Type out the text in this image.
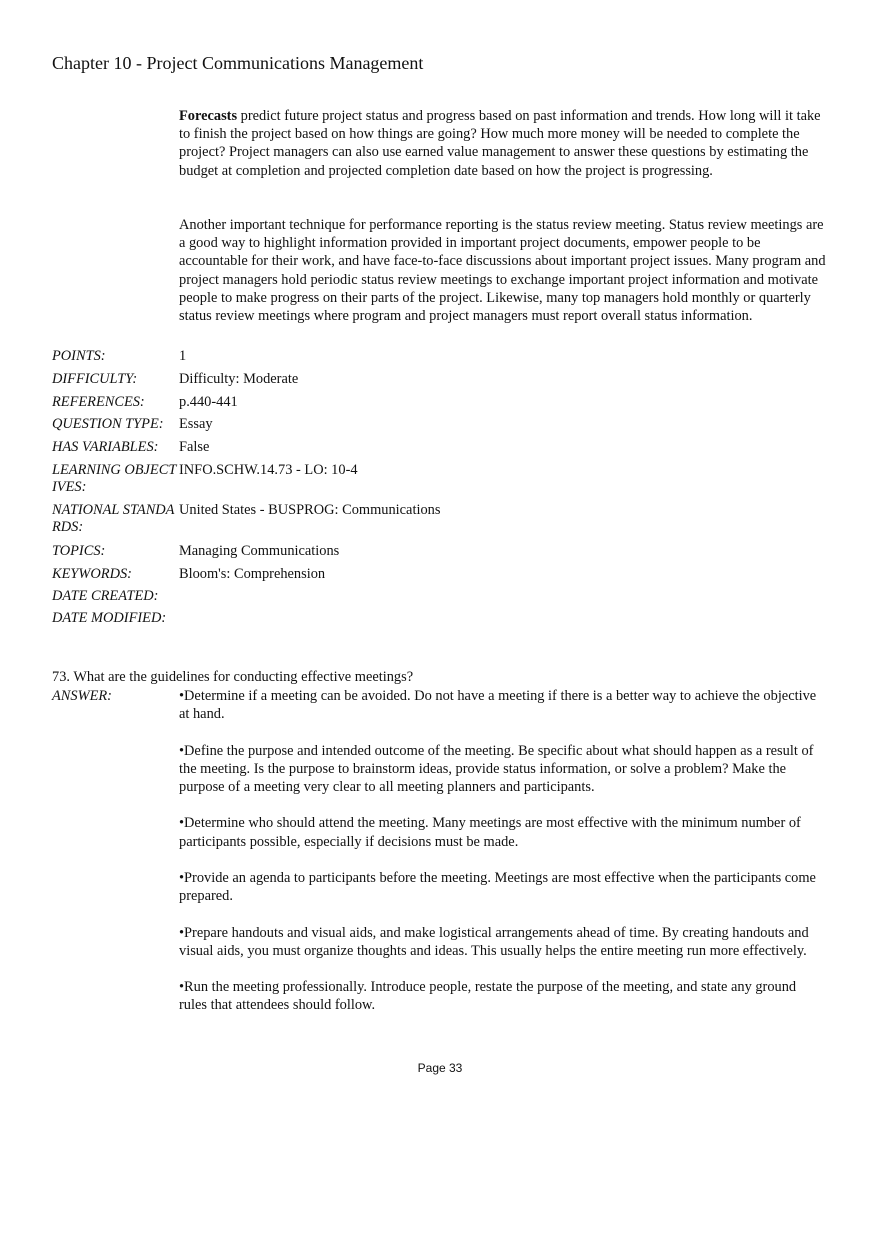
Chapter 10 - Project Communications Management

Forecasts predict future project status and progress based on past information and trends. How long will it take to finish the project based on how things are going? How much more money will be needed to complete the project? Project managers can also use earned value management to answer these questions by estimating the budget at completion and projected completion date based on how the project is progressing.

Another important technique for performance reporting is the status review meeting. Status review meetings are a good way to highlight information provided in important project documents, empower people to be accountable for their work, and have face-to-face discussions about important project issues. Many program and project managers hold periodic status review meetings to exchange important project information and motivate people to make progress on their parts of the project. Likewise, many top managers hold monthly or quarterly status review meetings where program and project managers must report overall status information.

POINTS:	1
DIFFICULTY:	Difficulty: Moderate
REFERENCES:	p.440-441
QUESTION TYPE:	Essay
HAS VARIABLES:	False
LEARNING OBJECTIVES:
INFO.SCHW.14.73 - LO: 10-4
NATIONAL STANDARDS:
United States - BUSPROG: Communications
TOPICS:	Managing Communications
KEYWORDS:	Bloom's: Comprehension
DATE CREATED:
DATE MODIFIED:
73. What are the guidelines for conducting effective meetings?
ANSWER:	•Determine if a meeting can be avoided. Do not have a meeting if there is a better way to achieve the objective at hand.

•Define the purpose and intended outcome of the meeting. Be specific about what should happen as a result of the meeting. Is the purpose to brainstorm ideas, provide status information, or solve a problem? Make the purpose of a meeting very clear to all meeting planners and participants.

•Determine who should attend the meeting. Many meetings are most effective with the minimum number of participants possible, especially if decisions must be made.

•Provide an agenda to participants before the meeting. Meetings are most effective when the participants come prepared.

•Prepare handouts and visual aids, and make logistical arrangements ahead of time. By creating handouts and visual aids, you must organize thoughts and ideas. This usually helps the entire meeting run more effectively.

•Run the meeting professionally. Introduce people, restate the purpose of the meeting, and state any ground rules that attendees should follow.

Page 33
